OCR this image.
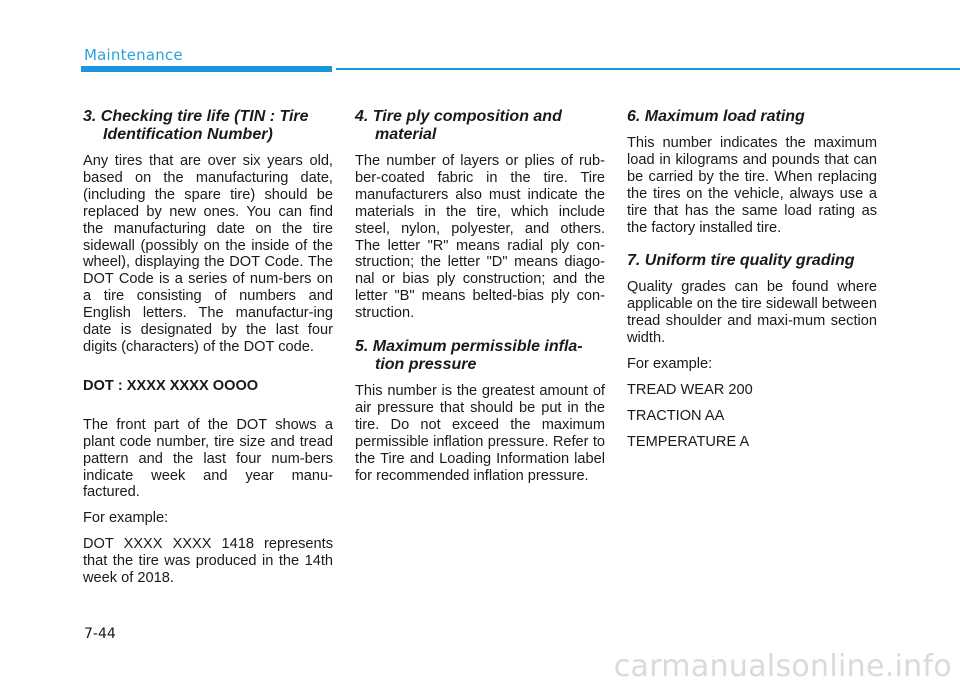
Maintenance
3. Checking tire life (TIN : Tire Identification Number)

Any tires that are over six years old, based on the manufacturing date, (including the spare tire) should be replaced by new ones. You can find the manufacturing date on the tire sidewall (possibly on the inside of the wheel), displaying the DOT Code. The DOT Code is a series of num-bers on a tire consisting of numbers and English letters. The manufactur-ing date is designated by the last four digits (characters) of the DOT code.

DOT : XXXX XXXX OOOO

The front part of the DOT shows a plant code number, tire size and tread pattern and the last four num-bers indicate week and year manu-factured.

For example:

DOT XXXX XXXX 1418 represents that the tire was produced in the 14th week of 2018.

4. Tire ply composition and material

The number of layers or plies of rub-ber-coated fabric in the tire. Tire manufacturers also must indicate the materials in the tire, which include steel, nylon, polyester, and others. The letter "R" means radial ply con-struction; the letter "D" means diago-nal or bias ply construction; and the letter "B" means belted-bias ply con-struction.

5. Maximum permissible infla-tion pressure

This number is the greatest amount of air pressure that should be put in the tire. Do not exceed the maximum permissible inflation pressure. Refer to the Tire and Loading Information label for recommended inflation pressure.

6. Maximum load rating

This number indicates the maximum load in kilograms and pounds that can be carried by the tire. When replacing the tires on the vehicle, always use a tire that has the same load rating as the factory installed tire.

7. Uniform tire quality grading

Quality grades can be found where applicable on the tire sidewall between tread shoulder and maxi-mum section width.

For example:

TREAD WEAR 200

TRACTION AA

TEMPERATURE A

7-44
carmanualsonline.info
